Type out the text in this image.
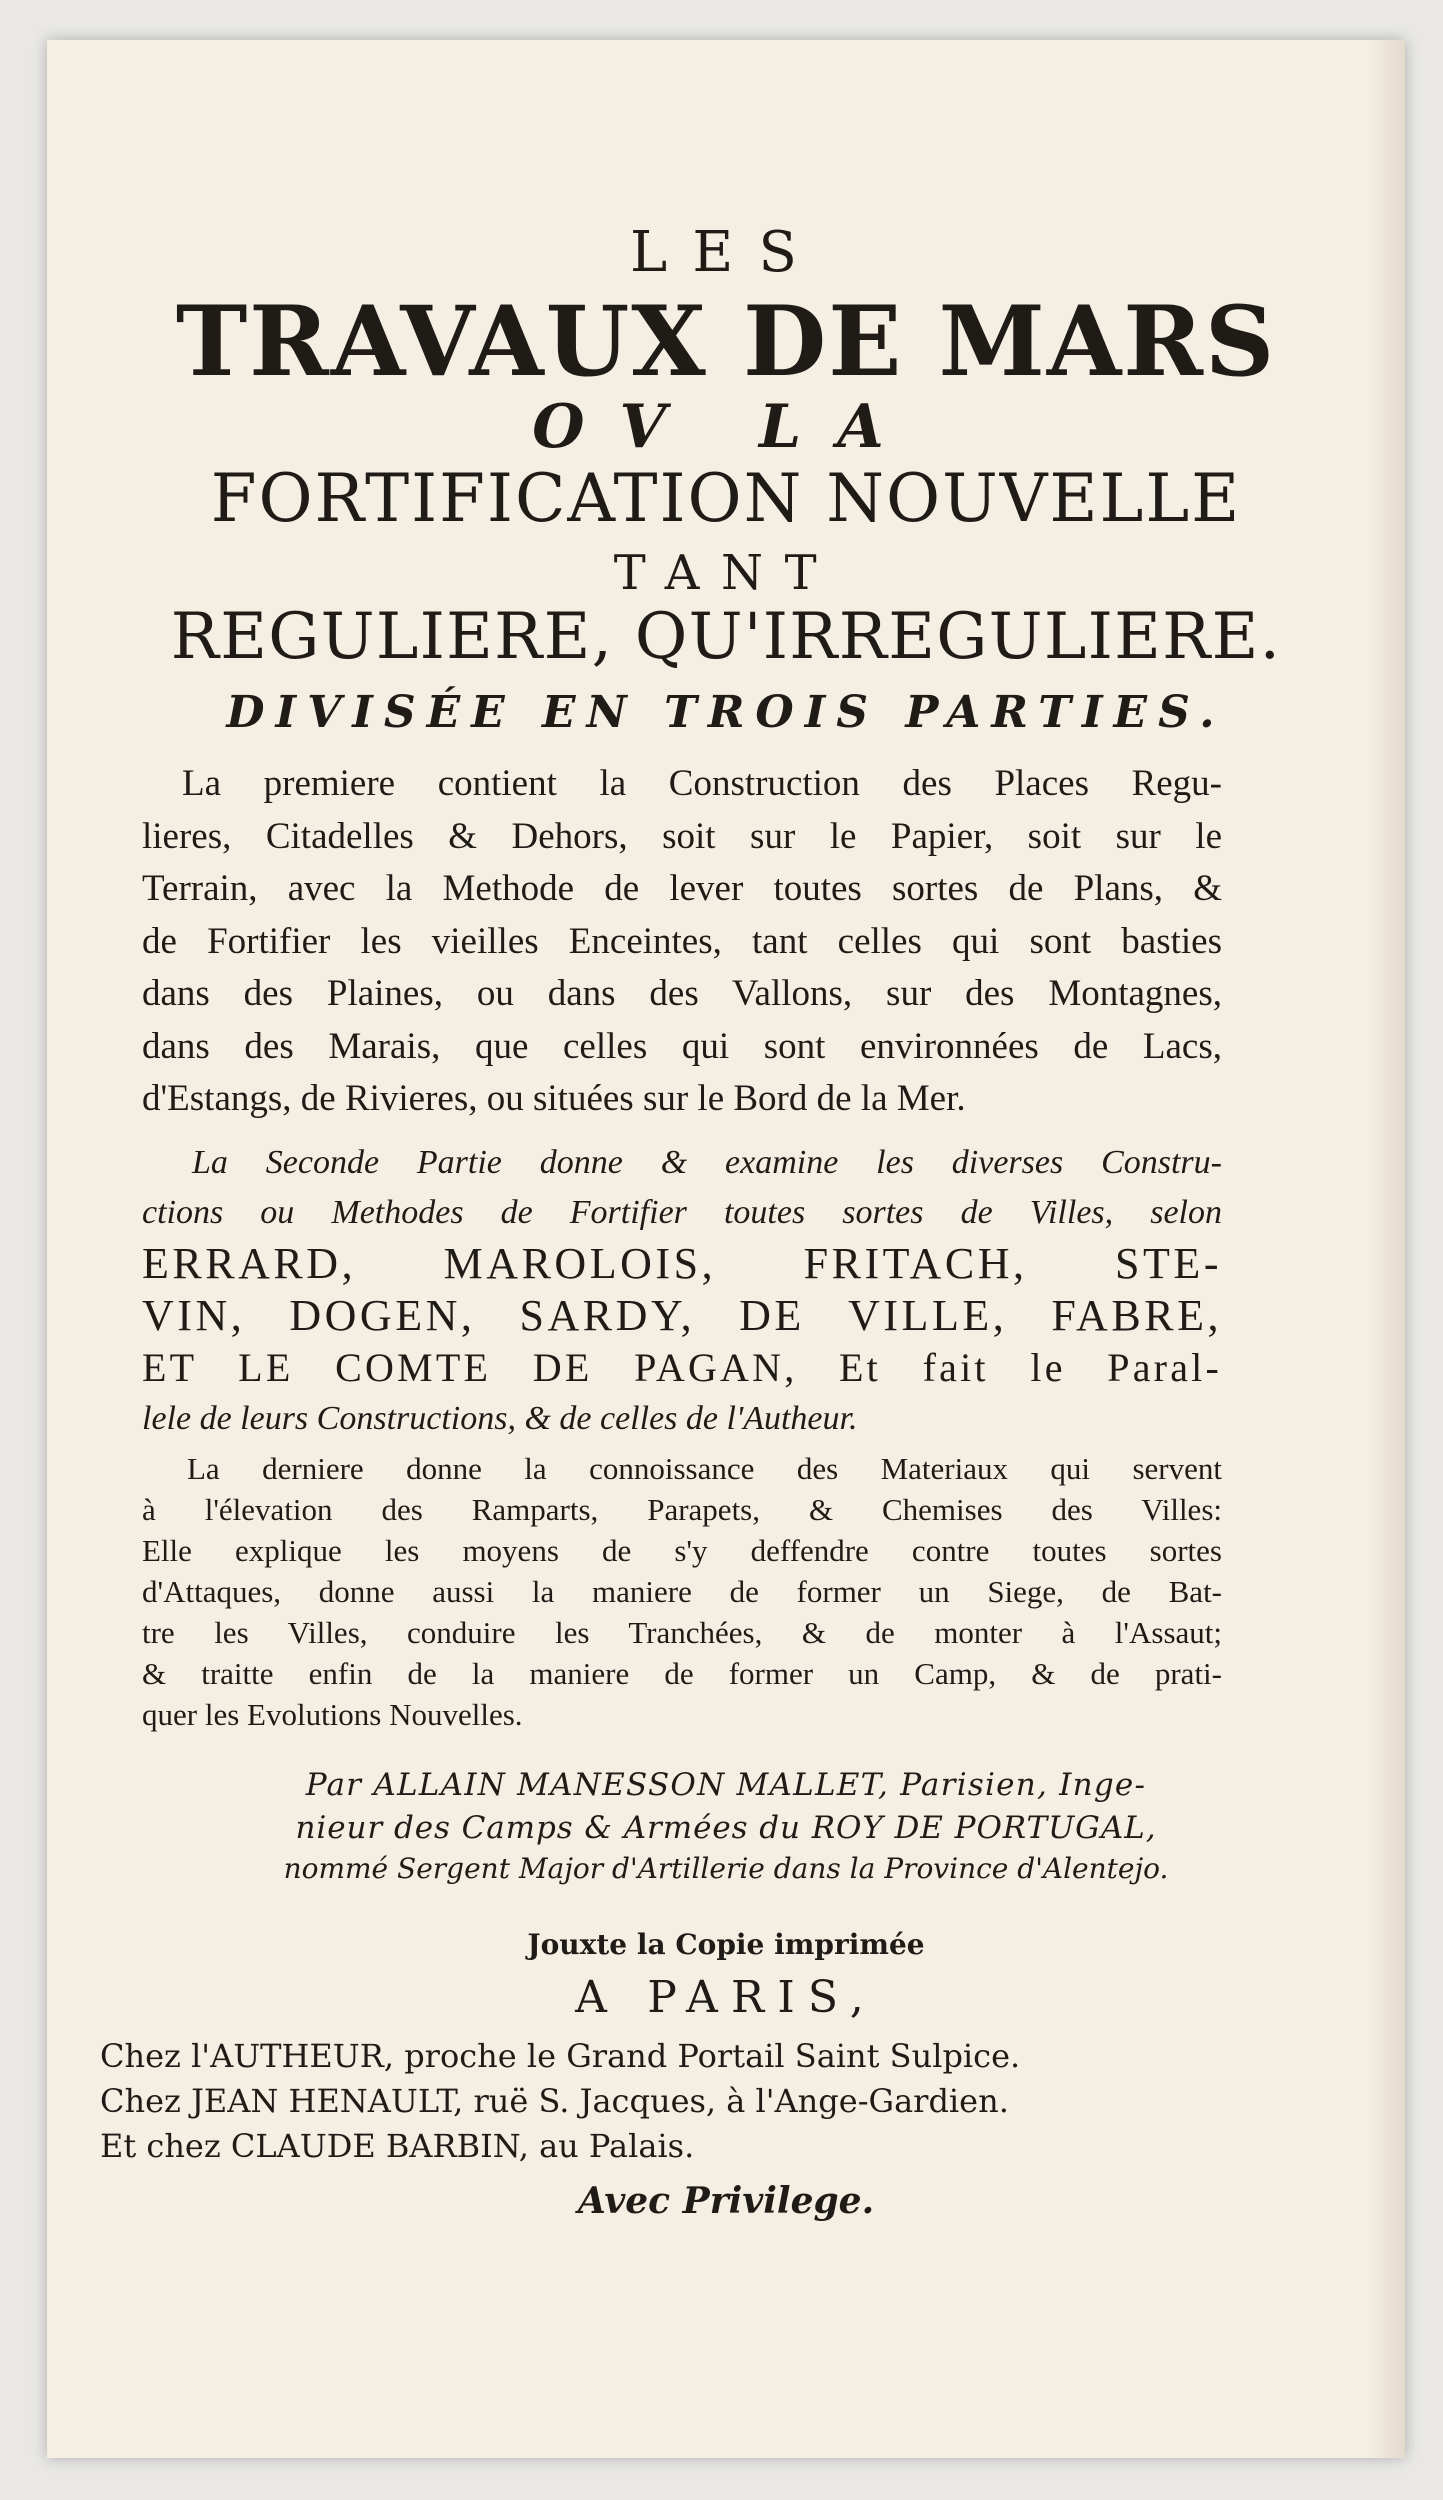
LES
TRAVAUX DE MARS
OV LA
FORTIFICATION NOUVELLE
TANT
REGULIERE, QU'IRREGULIERE.
DIVISÉE EN TROIS PARTIES.
La premiere contient la Construction des Places Regu-
lieres, Citadelles & Dehors, soit sur le Papier, soit sur le
Terrain, avec la Methode de lever toutes sortes de Plans, &
de Fortifier les vieilles Enceintes, tant celles qui sont basties
dans des Plaines, ou dans des Vallons, sur des Montagnes,
dans des Marais, que celles qui sont environnées de Lacs,
d'Estangs, de Rivieres, ou situées sur le Bord de la Mer.
La Seconde Partie donne & examine les diverses Constru-
ctions ou Methodes de Fortifier toutes sortes de Villes, selon
ERRARD, MAROLOIS, FRITACH, STE-
VIN, DOGEN, SARDY, DE VILLE, FABRE,
ET LE COMTE DE PAGAN, Et fait le Paral-
lele de leurs Constructions, & de celles de l'Autheur.
La derniere donne la connoissance des Materiaux qui servent
à l'élevation des Ramparts, Parapets, & Chemises des Villes:
Elle explique les moyens de s'y deffendre contre toutes sortes
d'Attaques, donne aussi la maniere de former un Siege, de Bat-
tre les Villes, conduire les Tranchées, & de monter à l'Assaut;
& traitte enfin de la maniere de former un Camp, & de prati-
quer les Evolutions Nouvelles.
Par ALLAIN MANESSON MALLET, Parisien, Inge-
nieur des Camps & Armées du ROY DE PORTUGAL,
nommé Sergent Major d'Artillerie dans la Province d'Alentejo.
Jouxte la Copie imprimée
A PARIS,
Chez l'AUTHEUR, proche le Grand Portail Saint Sulpice.
Chez JEAN HENAULT, ruë S. Jacques, à l'Ange-Gardien.
Et chez CLAUDE BARBIN, au Palais.
Avec Privilege.
